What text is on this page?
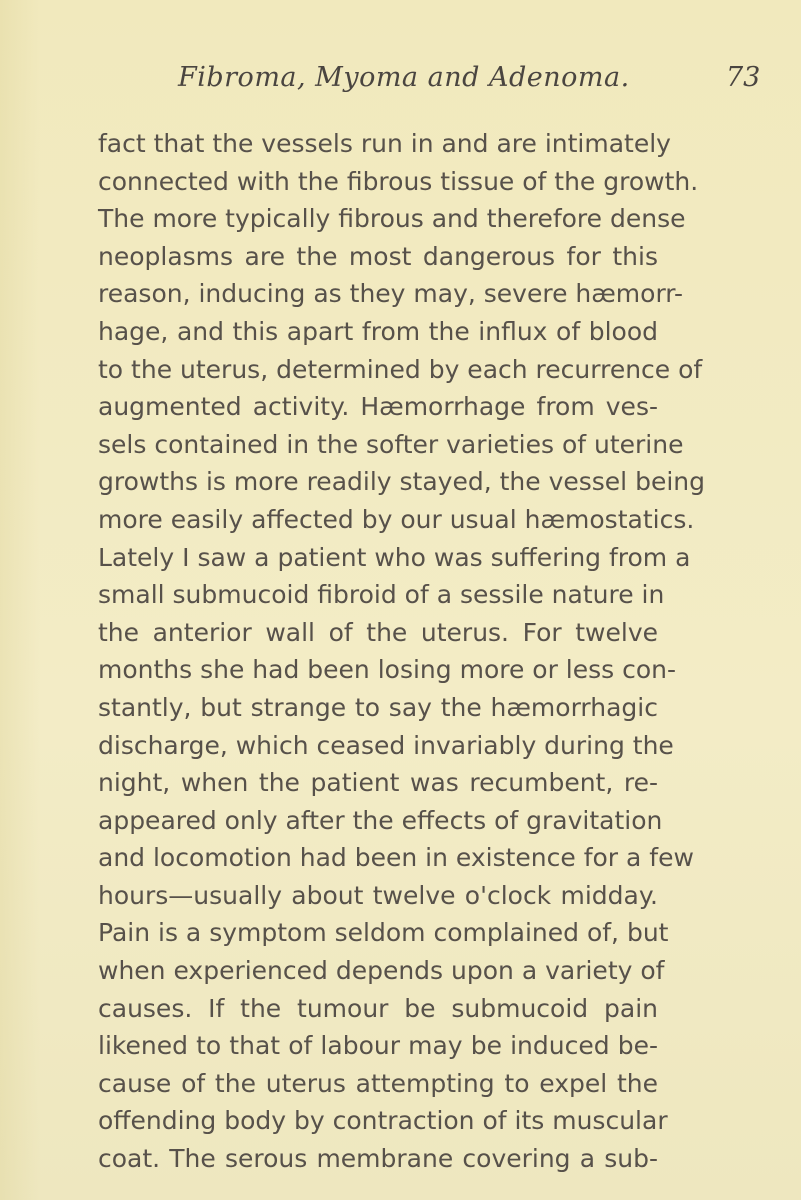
Fibroma, Myoma and Adenoma.	73
fact that the vessels run in and are intimately
connected with the fibrous tissue of the growth.
The more typically fibrous and therefore dense
neoplasms are the most dangerous for this
reason, inducing as they may, severe hæmorr-
hage, and this apart from the influx of blood
to the uterus, determined by each recurrence of
augmented activity. Hæmorrhage from ves-
sels contained in the softer varieties of uterine
growths is more readily stayed, the vessel being
more easily affected by our usual hæmostatics.
Lately I saw a patient who was suffering from a
small submucoid fibroid of a sessile nature in
the anterior wall of the uterus. For twelve
months she had been losing more or less con-
stantly, but strange to say the hæmorrhagic
discharge, which ceased invariably during the
night, when the patient was recumbent, re-
appeared only after the effects of gravitation
and locomotion had been in existence for a few
hours—usually about twelve o'clock midday.
Pain is a symptom seldom complained of, but
when experienced depends upon a variety of
causes. If the tumour be submucoid pain
likened to that of labour may be induced be-
cause of the uterus attempting to expel the
offending body by contraction of its muscular
coat. The serous membrane covering a sub-
